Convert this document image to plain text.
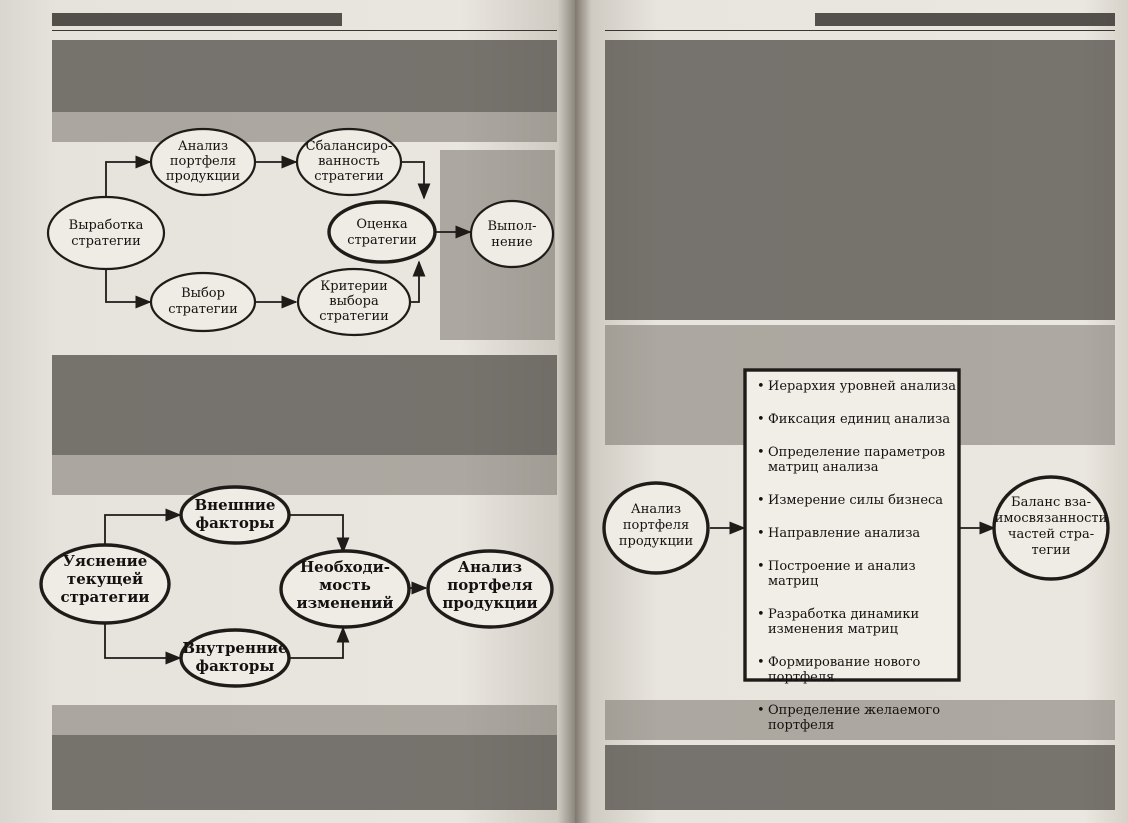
Выработка
стратегии
Анализ
портфеля
продукции
Сбалансиро-
ванность
стратегии
Выбор
стратегии
Критерии
выбора
стратегии
Оценка
стратегии
Выпол-
нение
Уяснение
текущей
стратегии
Внешние
факторы
Внутренние
факторы
Необходи-
мость
изменений
Анализ
портфеля
продукции
Анализ
портфеля
продукции
• Иерархия уровней анализа
• Фиксация единиц анализа
• Определение параметров
матриц анализа
• Измерение силы бизнеса
• Направление анализа
• Построение и анализ
матриц
• Разработка динамики
изменения матриц
• Формирование нового
портфеля
• Определение желаемого
портфеля
Баланс вза-
имосвязанности
частей стра-
тегии
